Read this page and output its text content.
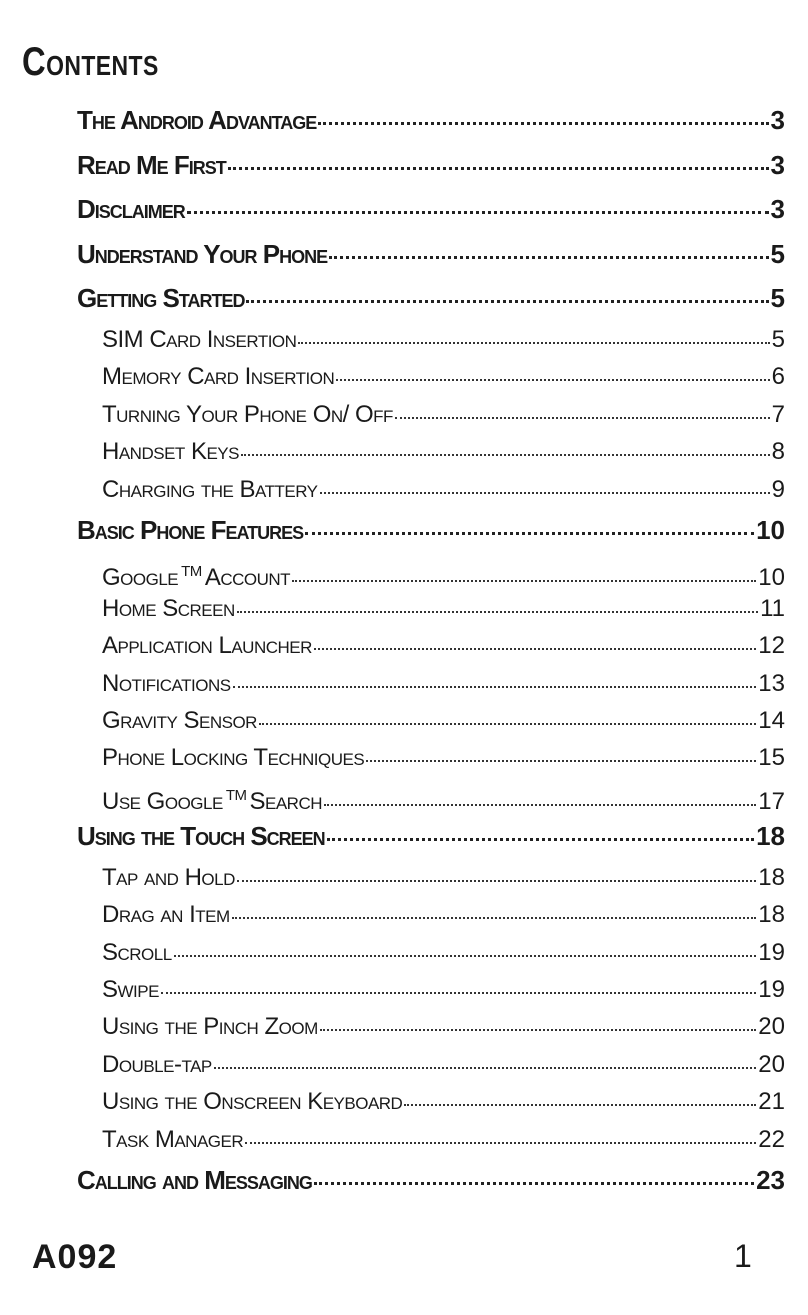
Contents
The Android Advantage	3
Read Me First	3
Disclaimer	3
Understand Your Phone	5
Getting Started	5
SIM Card Insertion	5
Memory Card Insertion	6
Turning Your Phone On/ Off	7
Handset Keys	8
Charging the Battery	9
Basic Phone Features	10
Google ™ Account	10
Home Screen	11
Application Launcher	12
Notifications	13
Gravity Sensor	14
Phone Locking Techniques	15
Use Google ™ Search	17
Using the Touch Screen	18
Tap and Hold	18
Drag an Item	18
Scroll	19
Swipe	19
Using the Pinch Zoom	20
Double-tap	20
Using the Onscreen Keyboard	21
Task Manager	22
Calling and Messaging	23
A092	1
